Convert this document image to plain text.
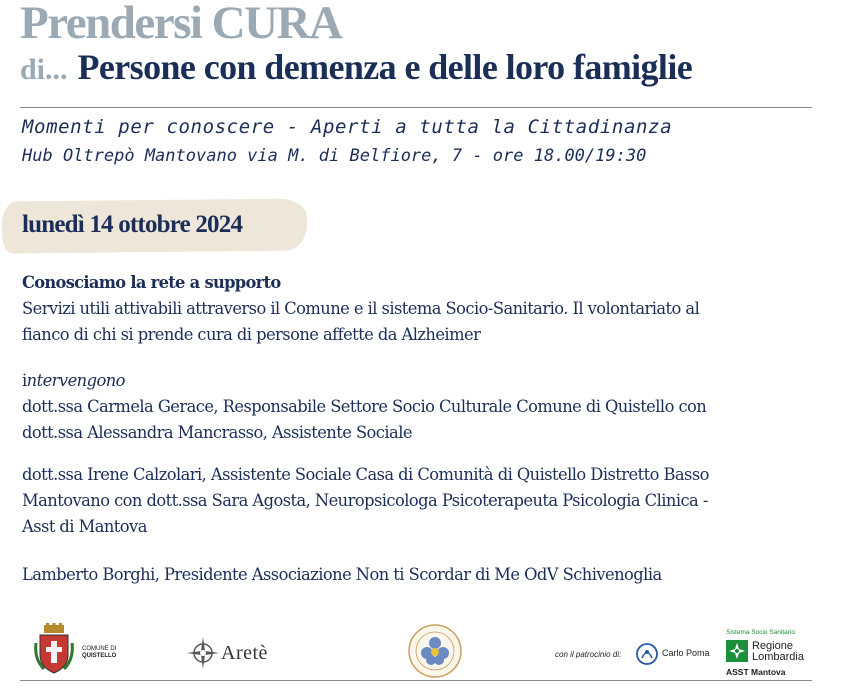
Prendersi CURA
di... Persone con demenza e delle loro famiglie
Momenti per conoscere - Aperti a tutta la Cittadinanza
Hub Oltrepò Mantovano via M. di Belfiore, 7 - ore 18.00/19:30
lunedì 14 ottobre 2024
Conosciamo la rete a supporto
Servizi utili attivabili attraverso il Comune e il sistema Socio-Sanitario. Il volontariato al
fianco di chi si prende cura di persone affette da Alzheimer
intervengono
dott.ssa Carmela Gerace, Responsabile Settore Socio Culturale Comune di Quistello con
dott.ssa Alessandra Mancrasso, Assistente Sociale
dott.ssa Irene Calzolari, Assistente Sociale Casa di Comunità di Quistello Distretto Basso
Mantovano con dott.ssa Sara Agosta, Neuropsicologa Psicoterapeuta Psicologia Clinica -
Asst di Mantova
Lamberto Borghi, Presidente Associazione Non ti Scordar di Me OdV Schivenoglia
COMUNE DI
QUISTELLO	Aretè	con il patrocinio di:	Carlo Poma
Sistema Socio Sanitario
Regione
Lombardia
ASST Mantova
